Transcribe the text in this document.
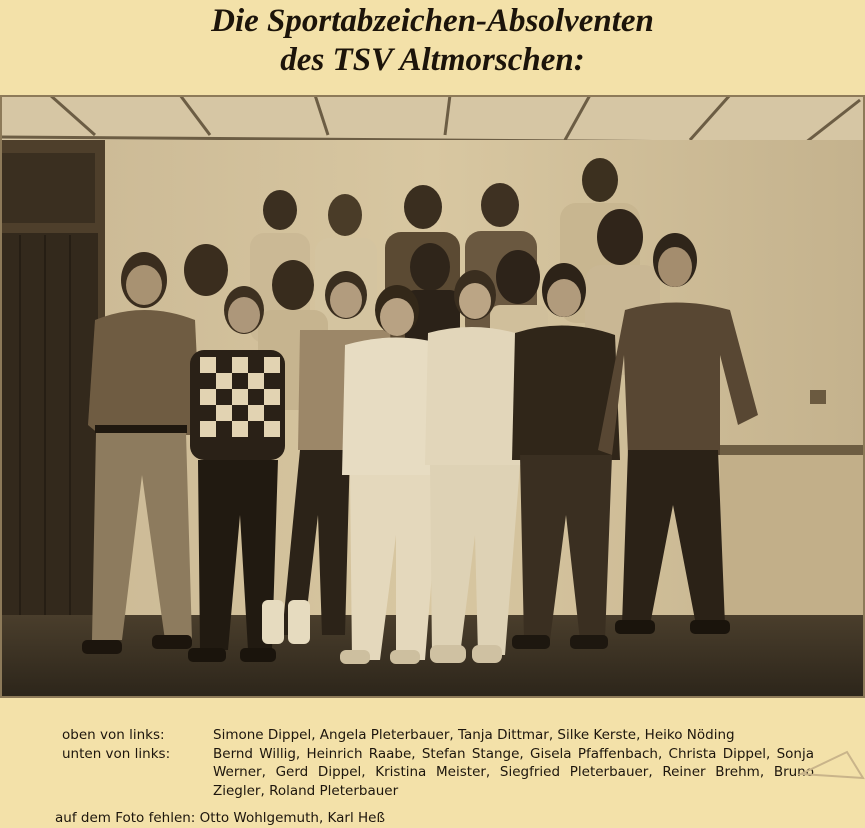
Die Sportabzeichen-Absolventen
des TSV Altmorschen:
oben von links:	Simone Dippel, Angela Pleterbauer, Tanja Dittmar, Silke Kerste, Heiko Nöding
unten von links:	Bernd Willig, Heinrich Raabe, Stefan Stange, Gisela Pfaffenbach, Christa Dippel, Sonja Werner, Gerd Dippel, Kristina Meister, Siegfried Pleterbauer, Reiner Brehm, Bruno Ziegler, Roland Pleterbauer
auf dem Foto fehlen: Otto Wohlgemuth, Karl Heß
